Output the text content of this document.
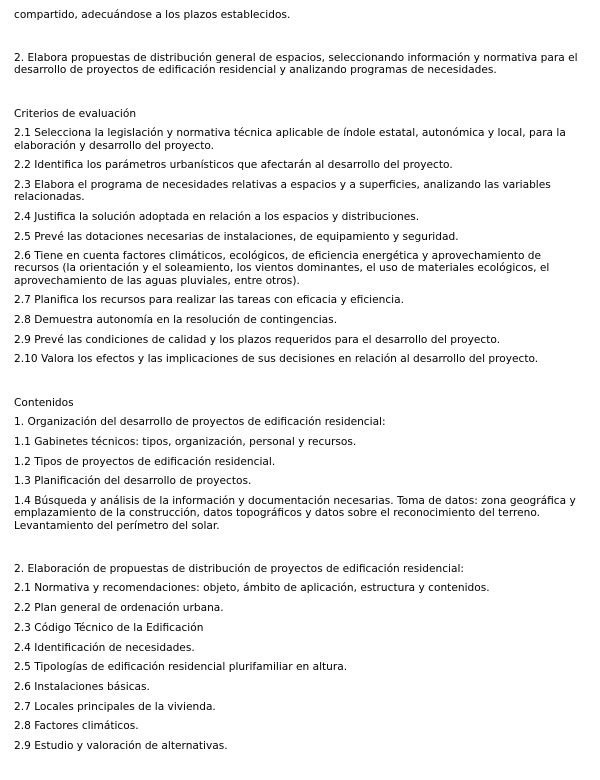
compartido, adecuándose a los plazos establecidos.

2. Elabora propuestas de distribución general de espacios, seleccionando información y normativa para el desarrollo de proyectos de edificación residencial y analizando programas de necesidades.

Criterios de evaluación

2.1 Selecciona la legislación y normativa técnica aplicable de índole estatal, autonómica y local, para la elaboración y desarrollo del proyecto.

2.2 Identifica los parámetros urbanísticos que afectarán al desarrollo del proyecto.

2.3 Elabora el programa de necesidades relativas a espacios y a superficies, analizando las variables relacionadas.

2.4 Justifica la solución adoptada en relación a los espacios y distribuciones.

2.5 Prevé las dotaciones necesarias de instalaciones, de equipamiento y seguridad.

2.6 Tiene en cuenta factores climáticos, ecológicos, de eficiencia energética y aprovechamiento de recursos (la orientación y el soleamiento, los vientos dominantes, el uso de materiales ecológicos, el aprovechamiento de las aguas pluviales, entre otros).

2.7 Planifica los recursos para realizar las tareas con eficacia y eficiencia.

2.8 Demuestra autonomía en la resolución de contingencias.

2.9 Prevé las condiciones de calidad y los plazos requeridos para el desarrollo del proyecto.

2.10 Valora los efectos y las implicaciones de sus decisiones en relación al desarrollo del proyecto.

Contenidos

1. Organización del desarrollo de proyectos de edificación residencial:

1.1 Gabinetes técnicos: tipos, organización, personal y recursos.

1.2 Tipos de proyectos de edificación residencial.

1.3 Planificación del desarrollo de proyectos.

1.4 Búsqueda y análisis de la información y documentación necesarias. Toma de datos: zona geográfica y emplazamiento de la construcción, datos topográficos y datos sobre el reconocimiento del terreno. Levantamiento del perímetro del solar.

2. Elaboración de propuestas de distribución de proyectos de edificación residencial:

2.1 Normativa y recomendaciones: objeto, ámbito de aplicación, estructura y contenidos.

2.2 Plan general de ordenación urbana.

2.3 Código Técnico de la Edificación

2.4 Identificación de necesidades.

2.5 Tipologías de edificación residencial plurifamiliar en altura.

2.6 Instalaciones básicas.

2.7 Locales principales de la vivienda.

2.8 Factores climáticos.

2.9 Estudio y valoración de alternativas.
